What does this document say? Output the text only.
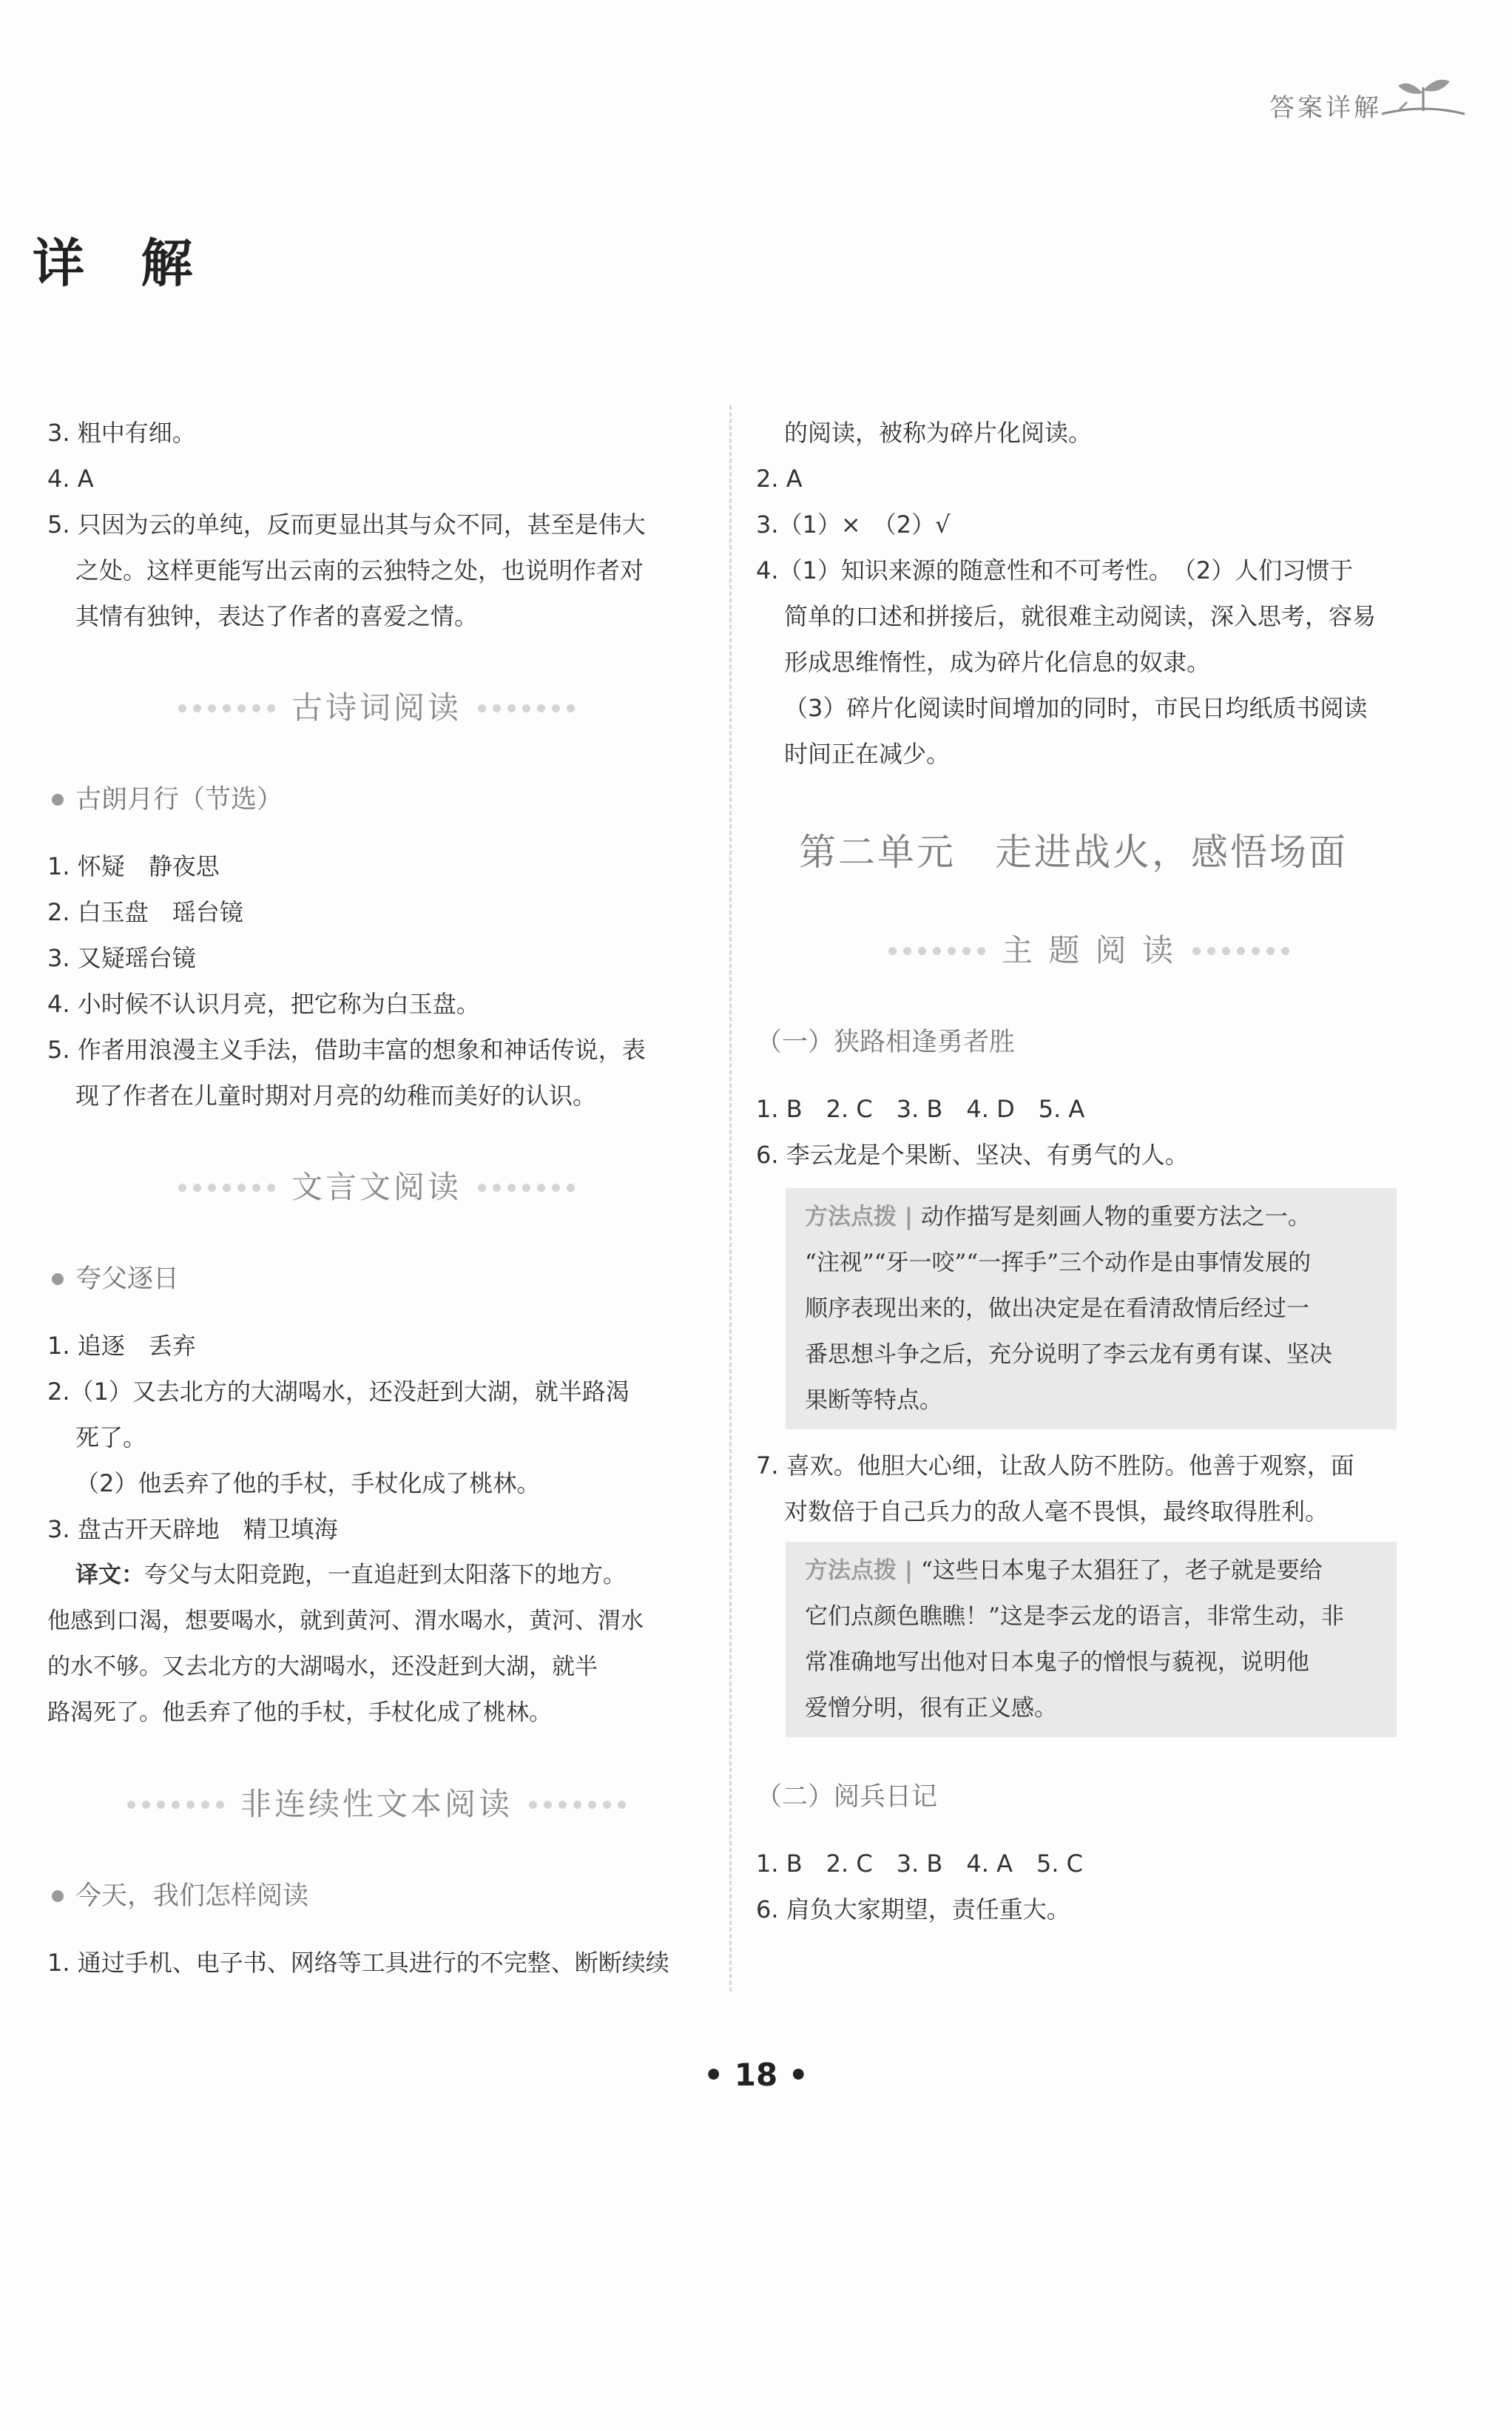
答案详解
详 解
3. 粗中有细。
4. A
5. 只因为云的单纯，反而更显出其与众不同，甚至是伟大
之处。这样更能写出云南的云独特之处，也说明作者对
其情有独钟，表达了作者的喜爱之情。
古诗词阅读
古朗月行（节选）
1. 怀疑　静夜思
2. 白玉盘　瑶台镜
3. 又疑瑶台镜
4. 小时候不认识月亮，把它称为白玉盘。
5. 作者用浪漫主义手法，借助丰富的想象和神话传说，表
现了作者在儿童时期对月亮的幼稚而美好的认识。
文言文阅读
夸父逐日
1. 追逐　丢弃
2.（1）又去北方的大湖喝水，还没赶到大湖，就半路渴
死了。
（2）他丢弃了他的手杖，手杖化成了桃林。
3. 盘古开天辟地　精卫填海
译文：夸父与太阳竞跑，一直追赶到太阳落下的地方。
他感到口渴，想要喝水，就到黄河、渭水喝水，黄河、渭水
的水不够。又去北方的大湖喝水，还没赶到大湖，就半
路渴死了。他丢弃了他的手杖，手杖化成了桃林。
非连续性文本阅读
今天，我们怎样阅读
1. 通过手机、电子书、网络等工具进行的不完整、断断续续
的阅读，被称为碎片化阅读。
2. A
3.（1）×　（2）√
4.（1）知识来源的随意性和不可考性。　（2）人们习惯于
简单的口述和拼接后，就很难主动阅读，深入思考，容易
形成思维惰性，成为碎片化信息的奴隶。
（3）碎片化阅读时间增加的同时，市民日均纸质书阅读
时间正在减少。
第二单元　走进战火，感悟场面
主 题 阅 读
（一）狭路相逢勇者胜
1. B　2. C　3. B　4. D　5. A
6. 李云龙是个果断、坚决、有勇气的人。
方法点拨 | 动作描写是刻画人物的重要方法之一。
“注视”“牙一咬”“一挥手”三个动作是由事情发展的
顺序表现出来的，做出决定是在看清敌情后经过一
番思想斗争之后，充分说明了李云龙有勇有谋、坚决
果断等特点。
7. 喜欢。他胆大心细，让敌人防不胜防。他善于观察，面
对数倍于自己兵力的敌人毫不畏惧，最终取得胜利。
方法点拨 | “这些日本鬼子太猖狂了，老子就是要给
它们点颜色瞧瞧！”这是李云龙的语言，非常生动，非
常准确地写出他对日本鬼子的憎恨与藐视，说明他
爱憎分明，很有正义感。
（二）阅兵日记
1. B　2. C　3. B　4. A　5. C
6. 肩负大家期望，责任重大。
• 18 •
